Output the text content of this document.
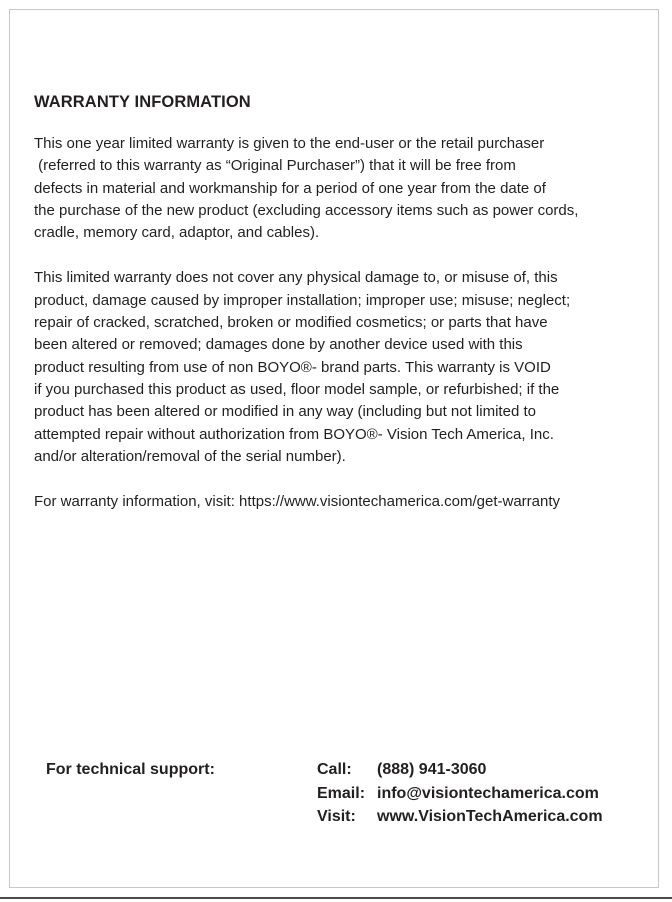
WARRANTY INFORMATION
This one year limited warranty is given to the end-user or the retail purchaser
(referred to this warranty as “Original Purchaser”) that it will be free from
defects in material and workmanship for a period of one year from the date of
the purchase of the new product (excluding accessory items such as power cords,
cradle, memory card, adaptor, and cables).
This limited warranty does not cover any physical damage to, or misuse of, this
product, damage caused by improper installation; improper use; misuse; neglect;
repair of cracked, scratched, broken or modified cosmetics; or parts that have
been altered or removed; damages done by another device used with this
product resulting from use of non BOYO®- brand parts. This warranty is VOID
if you purchased this product as used, floor model sample, or refurbished; if the
product has been altered or modified in any way (including but not limited to
attempted repair without authorization from BOYO®- Vision Tech America, Inc.
and/or alteration/removal of the serial number).
For warranty information, visit: https://www.visiontechamerica.com/get-warranty
For technical support:	Call:	(888) 941-3060
Email: info@visiontechamerica.com
Visit:	www.VisionTechAmerica.com
